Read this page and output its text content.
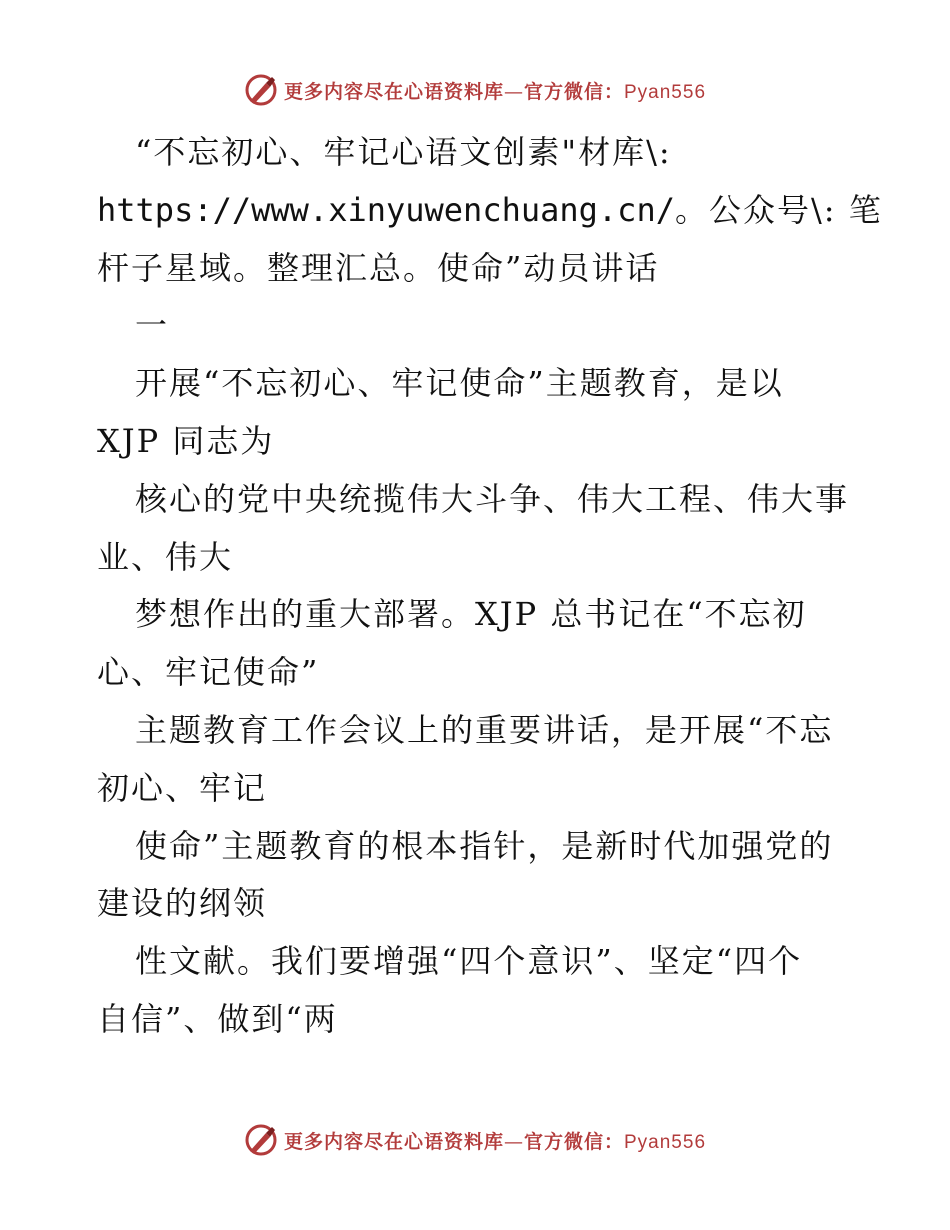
更多内容尽在心语资料库—官方微信：Pyan556

“不忘初心、牢记心语文创素"材库\:

https://www.xinyuwenchuang.cn/。公众号\: 笔

杆子星域。整理汇总。使命”动员讲话

一

开展“不忘初心、牢记使命”主题教育，是以

XJP 同志为

核心的党中央统揽伟大斗争、伟大工程、伟大事

业、伟大

梦想作出的重大部署。XJP 总书记在“不忘初

心、牢记使命”

主题教育工作会议上的重要讲话，是开展“不忘

初心、牢记

使命”主题教育的根本指针，是新时代加强党的

建设的纲领

性文献。我们要增强“四个意识”、坚定“四个

自信”、做到“两

更多内容尽在心语资料库—官方微信：Pyan556
